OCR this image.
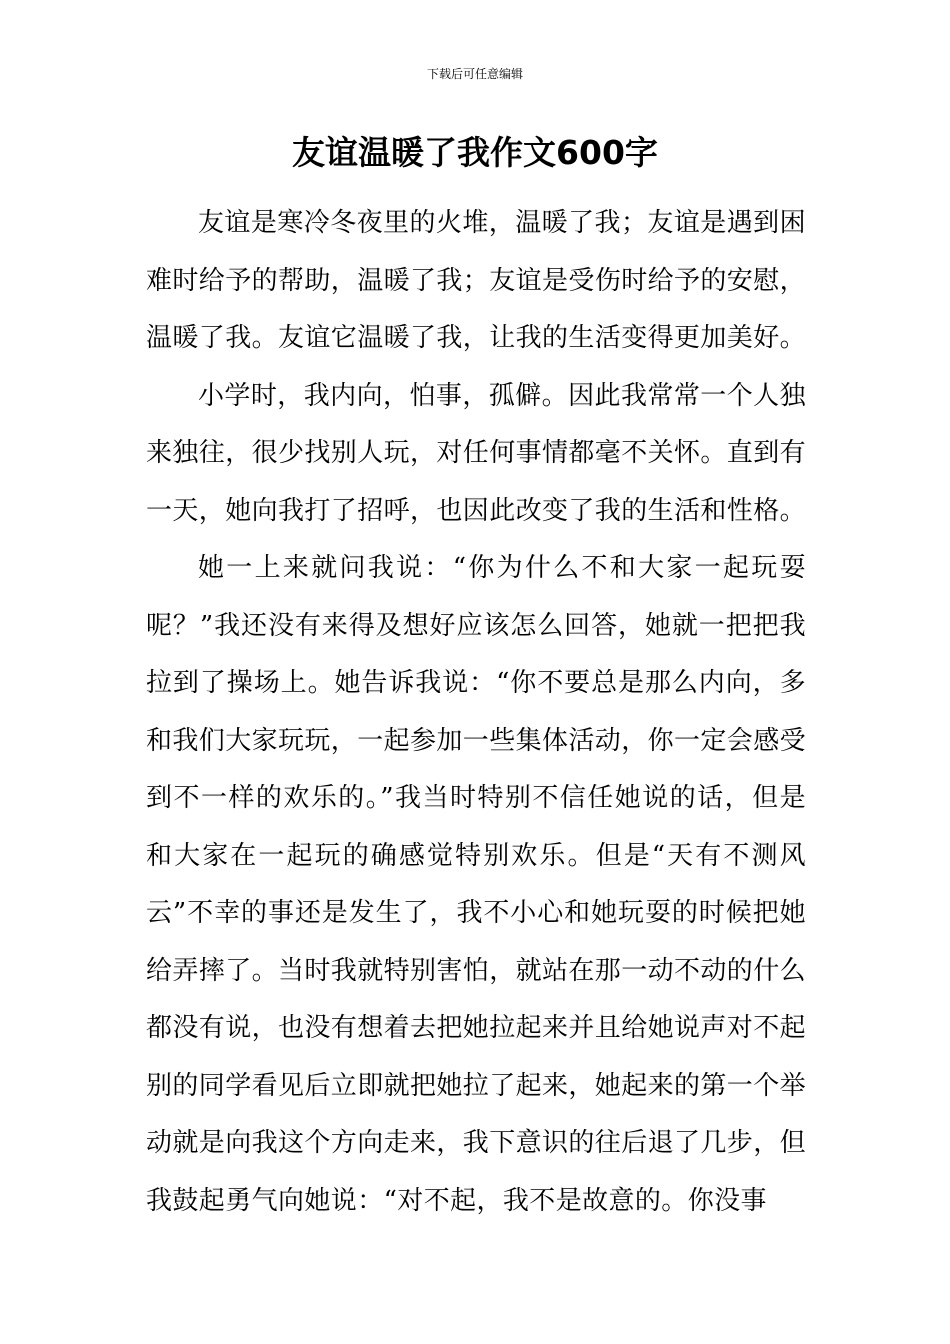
下载后可任意编辑
友谊温暖了我作文600字

友谊是寒冷冬夜里的火堆，温暖了我；友谊是遇到困难时给予的帮助，温暖了我；友谊是受伤时给予的安慰，温暖了我。友谊它温暖了我，让我的生活变得更加美好。

小学时，我内向，怕事，孤僻。因此我常常一个人独来独往，很少找别人玩，对任何事情都毫不关怀。直到有一天，她向我打了招呼，也因此改变了我的生活和性格。

她一上来就问我说：“你为什么不和大家一起玩耍呢？”我还没有来得及想好应该怎么回答，她就一把把我拉到了操场上。她告诉我说：“你不要总是那么内向，多和我们大家玩玩，一起参加一些集体活动，你一定会感受到不一样的欢乐的。”我当时特别不信任她说的话，但是和大家在一起玩的确感觉特别欢乐。但是“天有不测风云”不幸的事还是发生了，我不小心和她玩耍的时候把她给弄摔了。当时我就特别害怕，就站在那一动不动的什么都没有说，也没有想着去把她拉起来并且给她说声对不起别的同学看见后立即就把她拉了起来，她起来的第一个举动就是向我这个方向走来，我下意识的往后退了几步，但我鼓起勇气向她说：“对不起，我不是故意的。你没事
